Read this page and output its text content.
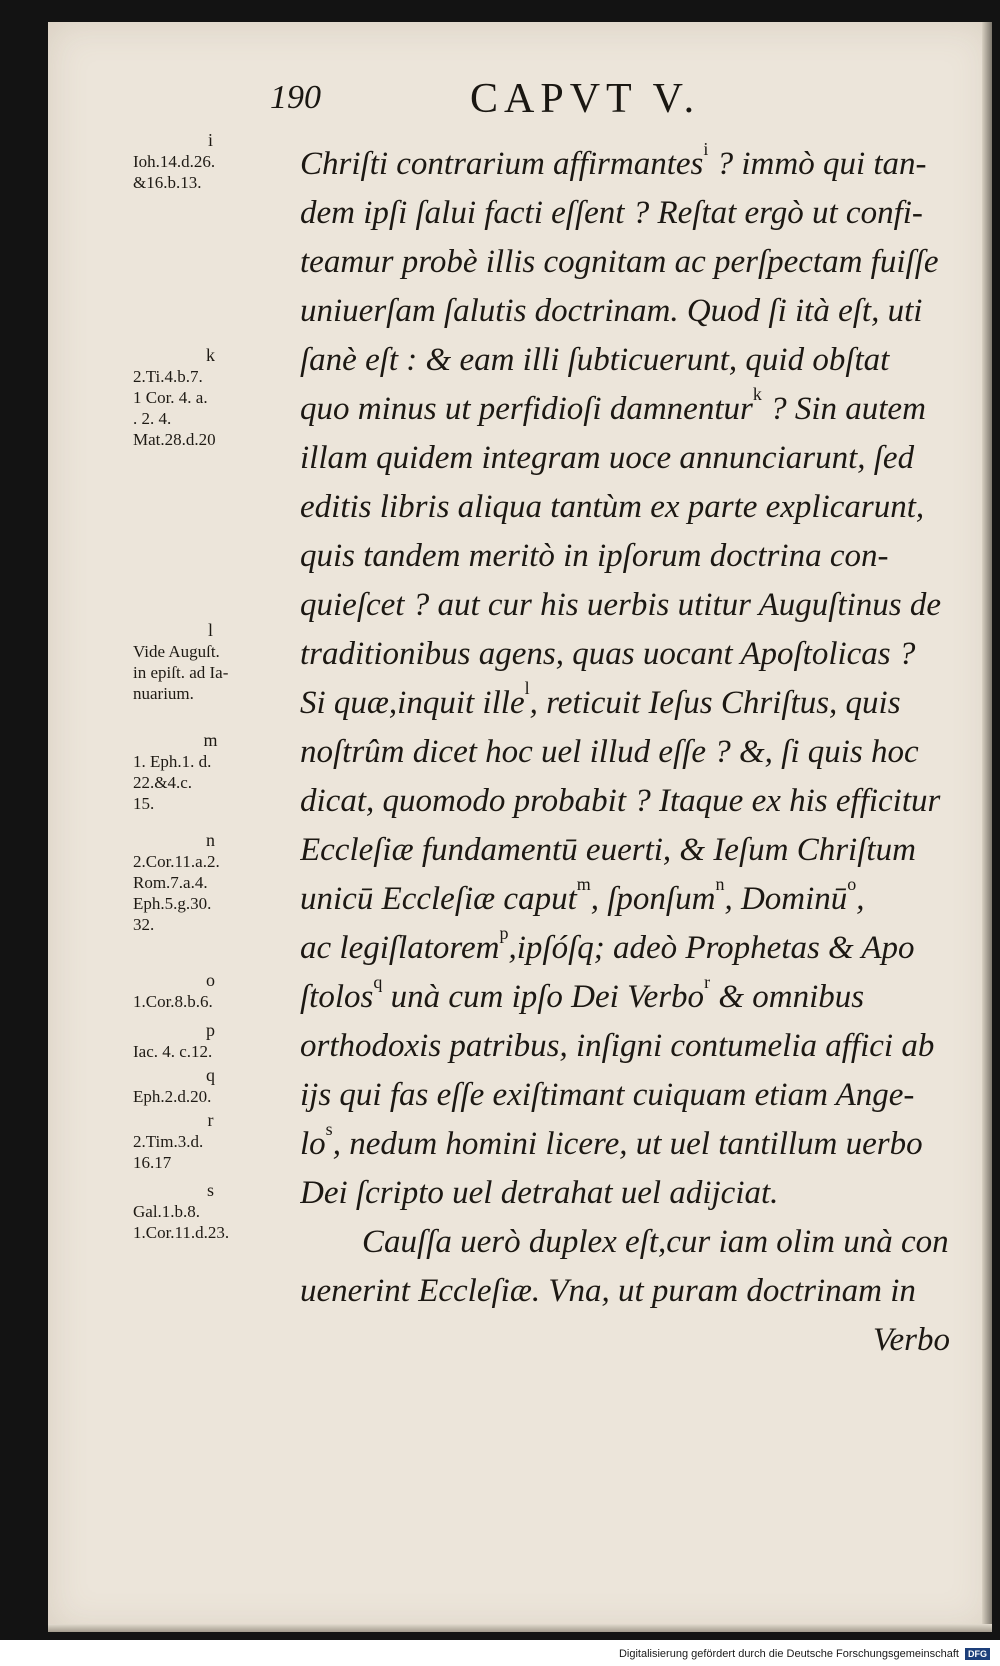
190	CAPVT V.
i
Ioh.14.d.26.
&16.b.13.
k
2.Ti.4.b.7.
1 Cor. 4. a.
. 2. 4.
Mat.28.d.20
l
Vide Auguſt.
in epiſt. ad Ia-
nuarium.
m
1. Eph.1. d.
22.&4.c.
15.
n
2.Cor.11.a.2.
Rom.7.a.4.
Eph.5.g.30.
32.
o
1.Cor.8.b.6.
p
Iac. 4. c.12.
q
Eph.2.d.20.
r
2.Tim.3.d.
16.17
s
Gal.1.b.8.
1.Cor.11.d.23.
Chriſti contrarium affirmantes$^i$ ? immò qui tan-
dem ipſi ſalui facti eſſent ? Reſtat ergò ut confi-
teamur probè illis cognitam ac perſpectam fuiſſe
uniuerſam ſalutis doctrinam. Quod ſi ità eſt, uti
ſanè eſt : & eam illi ſubticuerunt, quid obſtat
quo minus ut perfidioſi damnentur$^k$ ? Sin autem
illam quidem integram uoce annunciarunt, ſed
editis libris aliqua tantùm ex parte explicarunt,
quis tandem meritò in ipſorum doctrina con-
quieſcet ? aut cur his uerbis utitur Auguſtinus de
traditionibus agens, quas uocant Apoſtolicas ?
Si quæ,inquit ille$^l$, reticuit Ieſus Chriſtus, quis
noſtrûm dicet hoc uel illud eſſe ? &, ſi quis hoc
dicat, quomodo probabit ? Itaque ex his efficitur
Eccleſiæ fundamentū euerti, & Ieſum Chriſtum
unicū Eccleſiæ caput$^m$, ſponſum$^n$, Dominū$^o$,
ac legiſlatorem$^p$,ipſóſq; adeò Prophetas & Apo
ſtolos$^q$ unà cum ipſo Dei Verbo$^r$ & omnibus
orthodoxis patribus, inſigni contumelia affici ab
ijs qui fas eſſe exiſtimant cuiquam etiam Ange-
$lo^s$, nedum homini licere, ut uel tantillum uerbo
Dei ſcripto uel detrahat uel adijciat.
Cauſſa uerò duplex eſt,cur iam olim unà con
uenerint Eccleſiæ. Vna, ut puram doctrinam in
Verbo
Digitalisierung gefördert durch die Deutsche Forschungsgemeinschaft DFG
